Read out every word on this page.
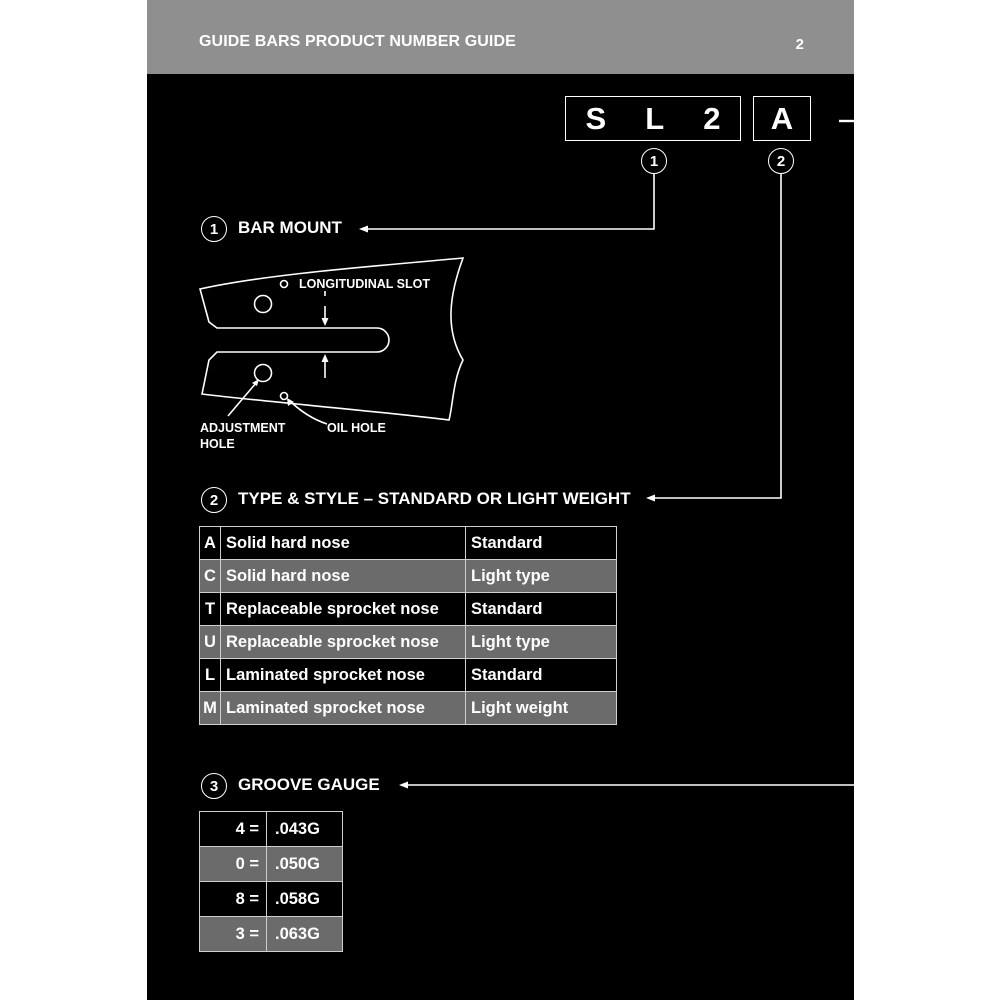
GUIDE BARS PRODUCT NUMBER GUIDE	2
S L 2 A
1	2
1	BAR MOUNT
LONGITUDINAL SLOT
ADJUSTMENT
HOLE
OIL HOLE
2	TYPE & STYLE – STANDARD OR LIGHT WEIGHT
A	Solid hard nose	Standard
C	Solid hard nose	Light type
T	Replaceable sprocket nose	Standard
U	Replaceable sprocket nose	Light type
L	Laminated sprocket nose	Standard
M	Laminated sprocket nose	Light weight
3	GROOVE GAUGE
4 =	.043G
0 =	.050G
8 =	.058G
3 =	.063G
